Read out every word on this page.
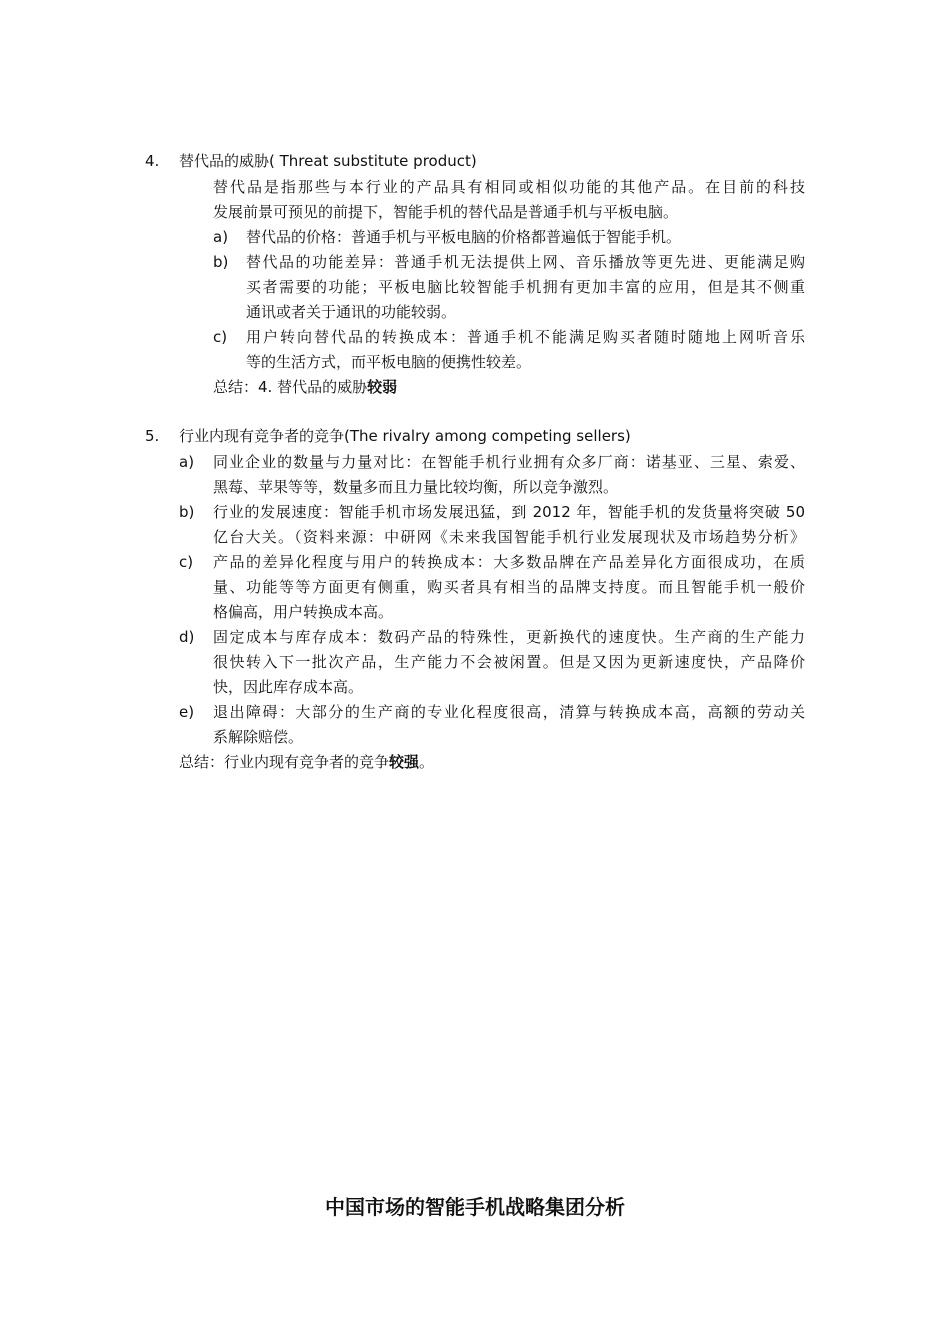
4. 替代品的威胁( Threat substitute product)
替代品是指那些与本行业的产品具有相同或相似功能的其他产品。在目前的科技
发展前景可预见的前提下，智能手机的替代品是普通手机与平板电脑。
a) 替代品的价格：普通手机与平板电脑的价格都普遍低于智能手机。
b) 替代品的功能差异：普通手机无法提供上网、音乐播放等更先进、更能满足购
买者需要的功能；平板电脑比较智能手机拥有更加丰富的应用，但是其不侧重
通讯或者关于通讯的功能较弱。
c) 用户转向替代品的转换成本：普通手机不能满足购买者随时随地上网听音乐
等的生活方式，而平板电脑的便携性较差。
总结：4. 替代品的威胁较弱
5. 行业内现有竞争者的竞争(The rivalry among competing sellers)
a) 同业企业的数量与力量对比：在智能手机行业拥有众多厂商：诺基亚、三星、索爱、
黑莓、苹果等等，数量多而且力量比较均衡，所以竞争激烈。
b) 行业的发展速度：智能手机市场发展迅猛，到 2012 年，智能手机的发货量将突破 50
亿台大关。（资料来源：中研网《未来我国智能手机行业发展现状及市场趋势分析》
c) 产品的差异化程度与用户的转换成本：大多数品牌在产品差异化方面很成功，在质
量、功能等等方面更有侧重，购买者具有相当的品牌支持度。而且智能手机一般价
格偏高，用户转换成本高。
d) 固定成本与库存成本：数码产品的特殊性，更新换代的速度快。生产商的生产能力
很快转入下一批次产品，生产能力不会被闲置。但是又因为更新速度快，产品降价
快，因此库存成本高。
e) 退出障碍：大部分的生产商的专业化程度很高，清算与转换成本高，高额的劳动关
系解除赔偿。
总结：行业内现有竞争者的竞争较强。
中国市场的智能手机战略集团分析
